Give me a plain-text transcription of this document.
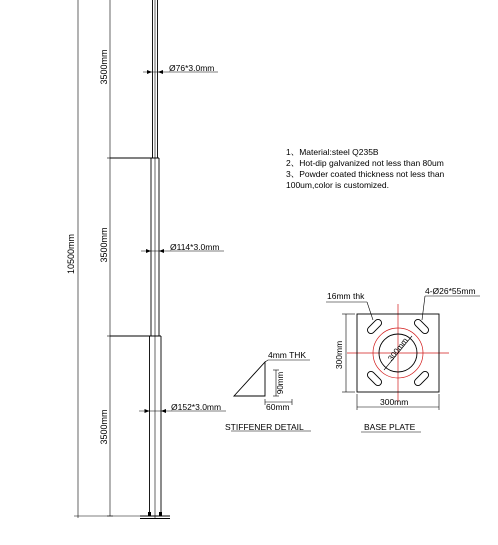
10500mm
3500mm
3500mm
3500mm
Ø76*3.0mm
Ø114*3.0mm
Ø152*3.0mm
1、Material:steel Q235B
2、Hot-dip galvanized not less than 80um
3、Powder coated thickness not less than
100um,color is customized.
4mm THK
90mm
60mm
STIFFENER DETAIL
16mm thk	4-Ø26*55mm
300mm
300mm
300mm
BASE PLATE
